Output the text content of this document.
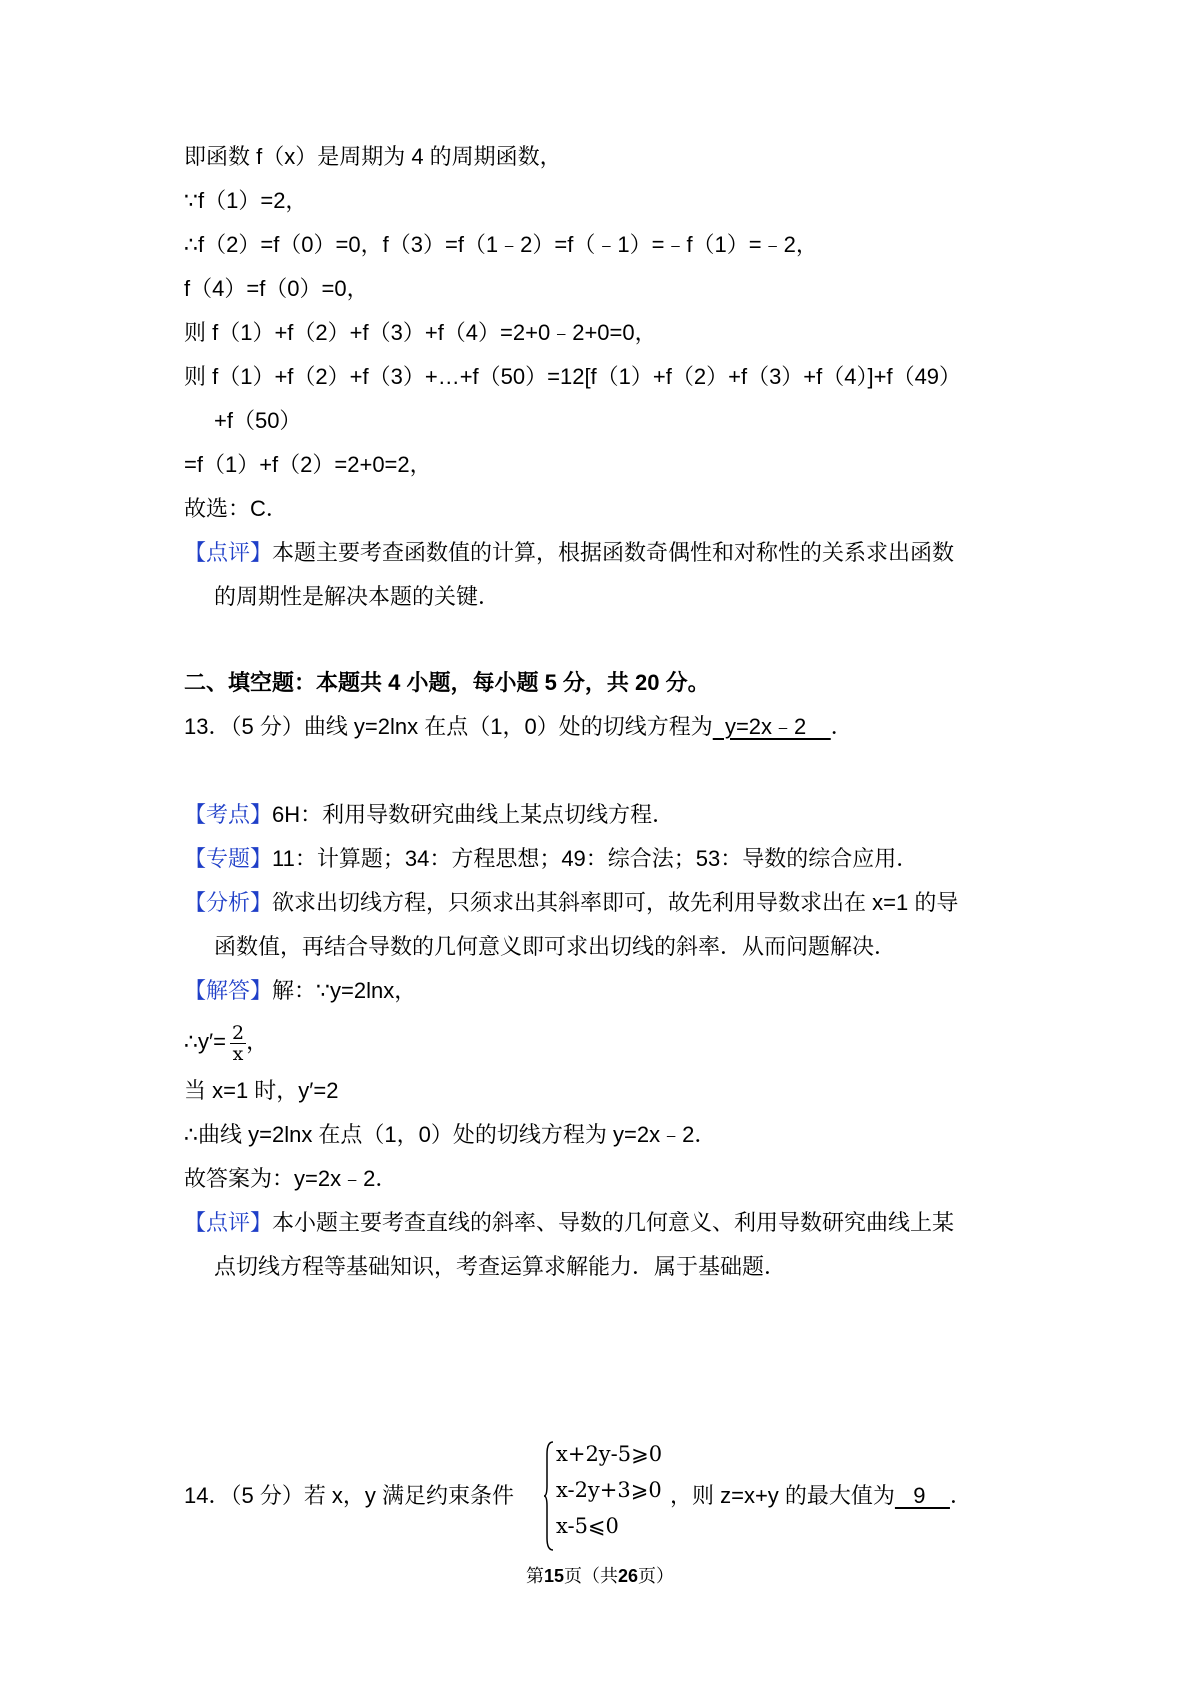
即函数 f（x）是周期为 4 的周期函数，
∵f（1）=2，
∴f（2）=f（0）=0，f（3）=f（1﹣2）=f（﹣1）=﹣f（1）=﹣2，
f（4）=f（0）=0，
则 f（1）+f（2）+f（3）+f（4）=2+0﹣2+0=0，
则 f（1）+f（2）+f（3）+…+f（50）=12[f（1）+f（2）+f（3）+f（4）]+f（49）
+f（50）
=f（1）+f（2）=2+0=2，
故选：C．
【点评】本题主要考查函数值的计算，根据函数奇偶性和对称性的关系求出函数
的周期性是解决本题的关键．
二、填空题：本题共 4 小题，每小题 5 分，共 20 分。
13．（5 分）曲线 y=2lnx 在点（1，0）处的切线方程为  y=2x﹣2    ．
【考点】6H：利用导数研究曲线上某点切线方程．
【专题】11：计算题；34：方程思想；49：综合法；53：导数的综合应用．
【分析】欲求出切线方程，只须求出其斜率即可，故先利用导数求出在 x=1 的导
函数值，再结合导数的几何意义即可求出切线的斜率．从而问题解决．
【解答】解：∵y=2lnx，
∴y′= $\frac{2}{x}$ ，
当 x=1 时，y′=2
∴曲线 y=2lnx 在点（1，0）处的切线方程为 y=2x﹣2．
故答案为：y=2x﹣2．
【点评】本小题主要考查直线的斜率、导数的几何意义、利用导数研究曲线上某
点切线方程等基础知识，考查运算求解能力．属于基础题．
14．（5 分）若 x，y 满足约束条件
x+2y-5⩾0
x-2y+3⩾0
x-5⩽0
，则 z=x+y 的最大值为   9    ．
第15页（共26页）
